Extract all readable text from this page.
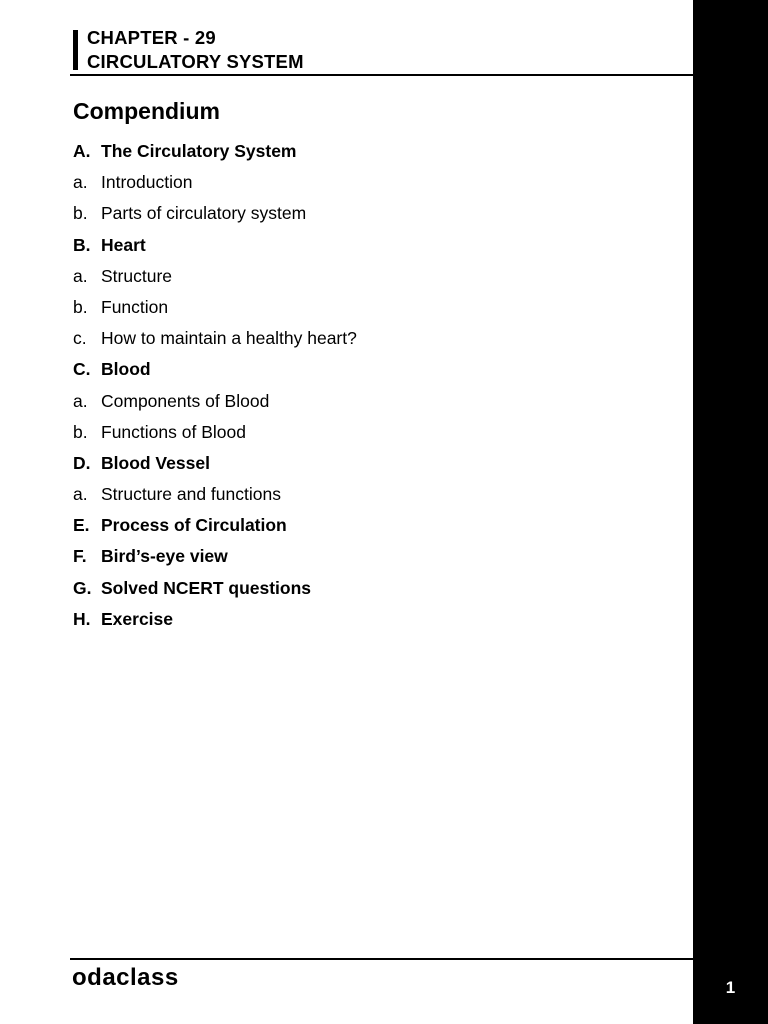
CHAPTER - 29
CIRCULATORY SYSTEM
Compendium
A. The Circulatory System
a. Introduction
b. Parts of circulatory system
B. Heart
a. Structure
b. Function
c. How to maintain a healthy heart?
C. Blood
a. Components of Blood
b. Functions of Blood
D. Blood Vessel
a. Structure and functions
E. Process of Circulation
F. Bird’s-eye view
G. Solved NCERT questions
H. Exercise
odaclass	1
